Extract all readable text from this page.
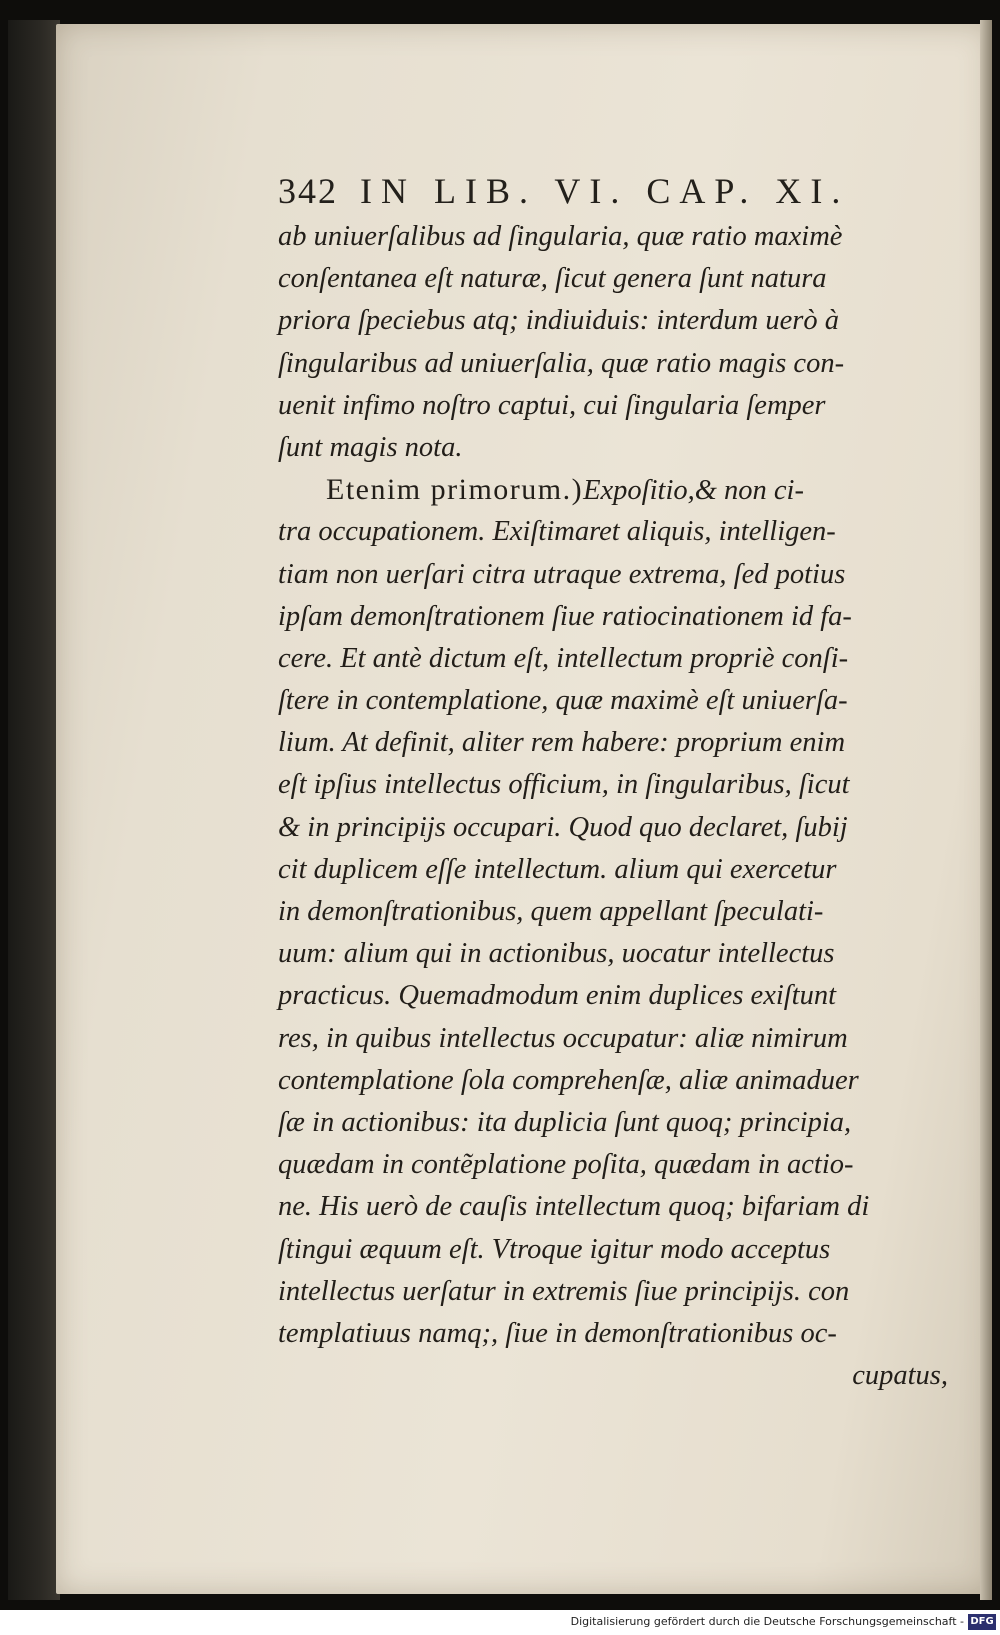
342 IN LIB. VI. CAP. XI.
ab uniuerſalibus ad ſingularia, quæ ratio maximè
conſentanea eſt naturæ, ſicut genera ſunt natura
priora ſpeciebus atq; indiuiduis: interdum uerò à
ſingularibus ad uniuerſalia, quæ ratio magis con-
uenit infimo noſtro captui, cui ſingularia ſemper
ſunt magis nota.
Etenim primorum.)Expoſitio,& non ci-
tra occupationem. Exiſtimaret aliquis, intelligen-
tiam non uerſari citra utraque extrema, ſed potius
ipſam demonſtrationem ſiue ratiocinationem id fa-
cere. Et antè dictum eſt, intellectum propriè conſi-
ſtere in contemplatione, quæ maximè eſt uniuerſa-
lium. At definit, aliter rem habere: proprium enim
eſt ipſius intellectus officium, in ſingularibus, ſicut
& in principijs occupari. Quod quo declaret, ſubij
cit duplicem eſſe intellectum. alium qui exercetur
in demonſtrationibus, quem appellant ſpeculati-
uum: alium qui in actionibus, uocatur intellectus
practicus. Quemadmodum enim duplices exiſtunt
res, in quibus intellectus occupatur: aliæ nimirum
contemplatione ſola comprehenſæ, aliæ animaduer
ſæ in actionibus: ita duplicia ſunt quoq; principia,
quædam in contẽplatione poſita, quædam in actio-
ne. His uerò de cauſis intellectum quoq; bifariam di
ſtingui æquum eſt. Vtroque igitur modo acceptus
intellectus uerſatur in extremis ſiue principijs. con
templatiuus namq;, ſiue in demonſtrationibus oc-
cupatus,
Digitalisierung gefördert durch die Deutsche Forschungsgemeinschaft - DFG
